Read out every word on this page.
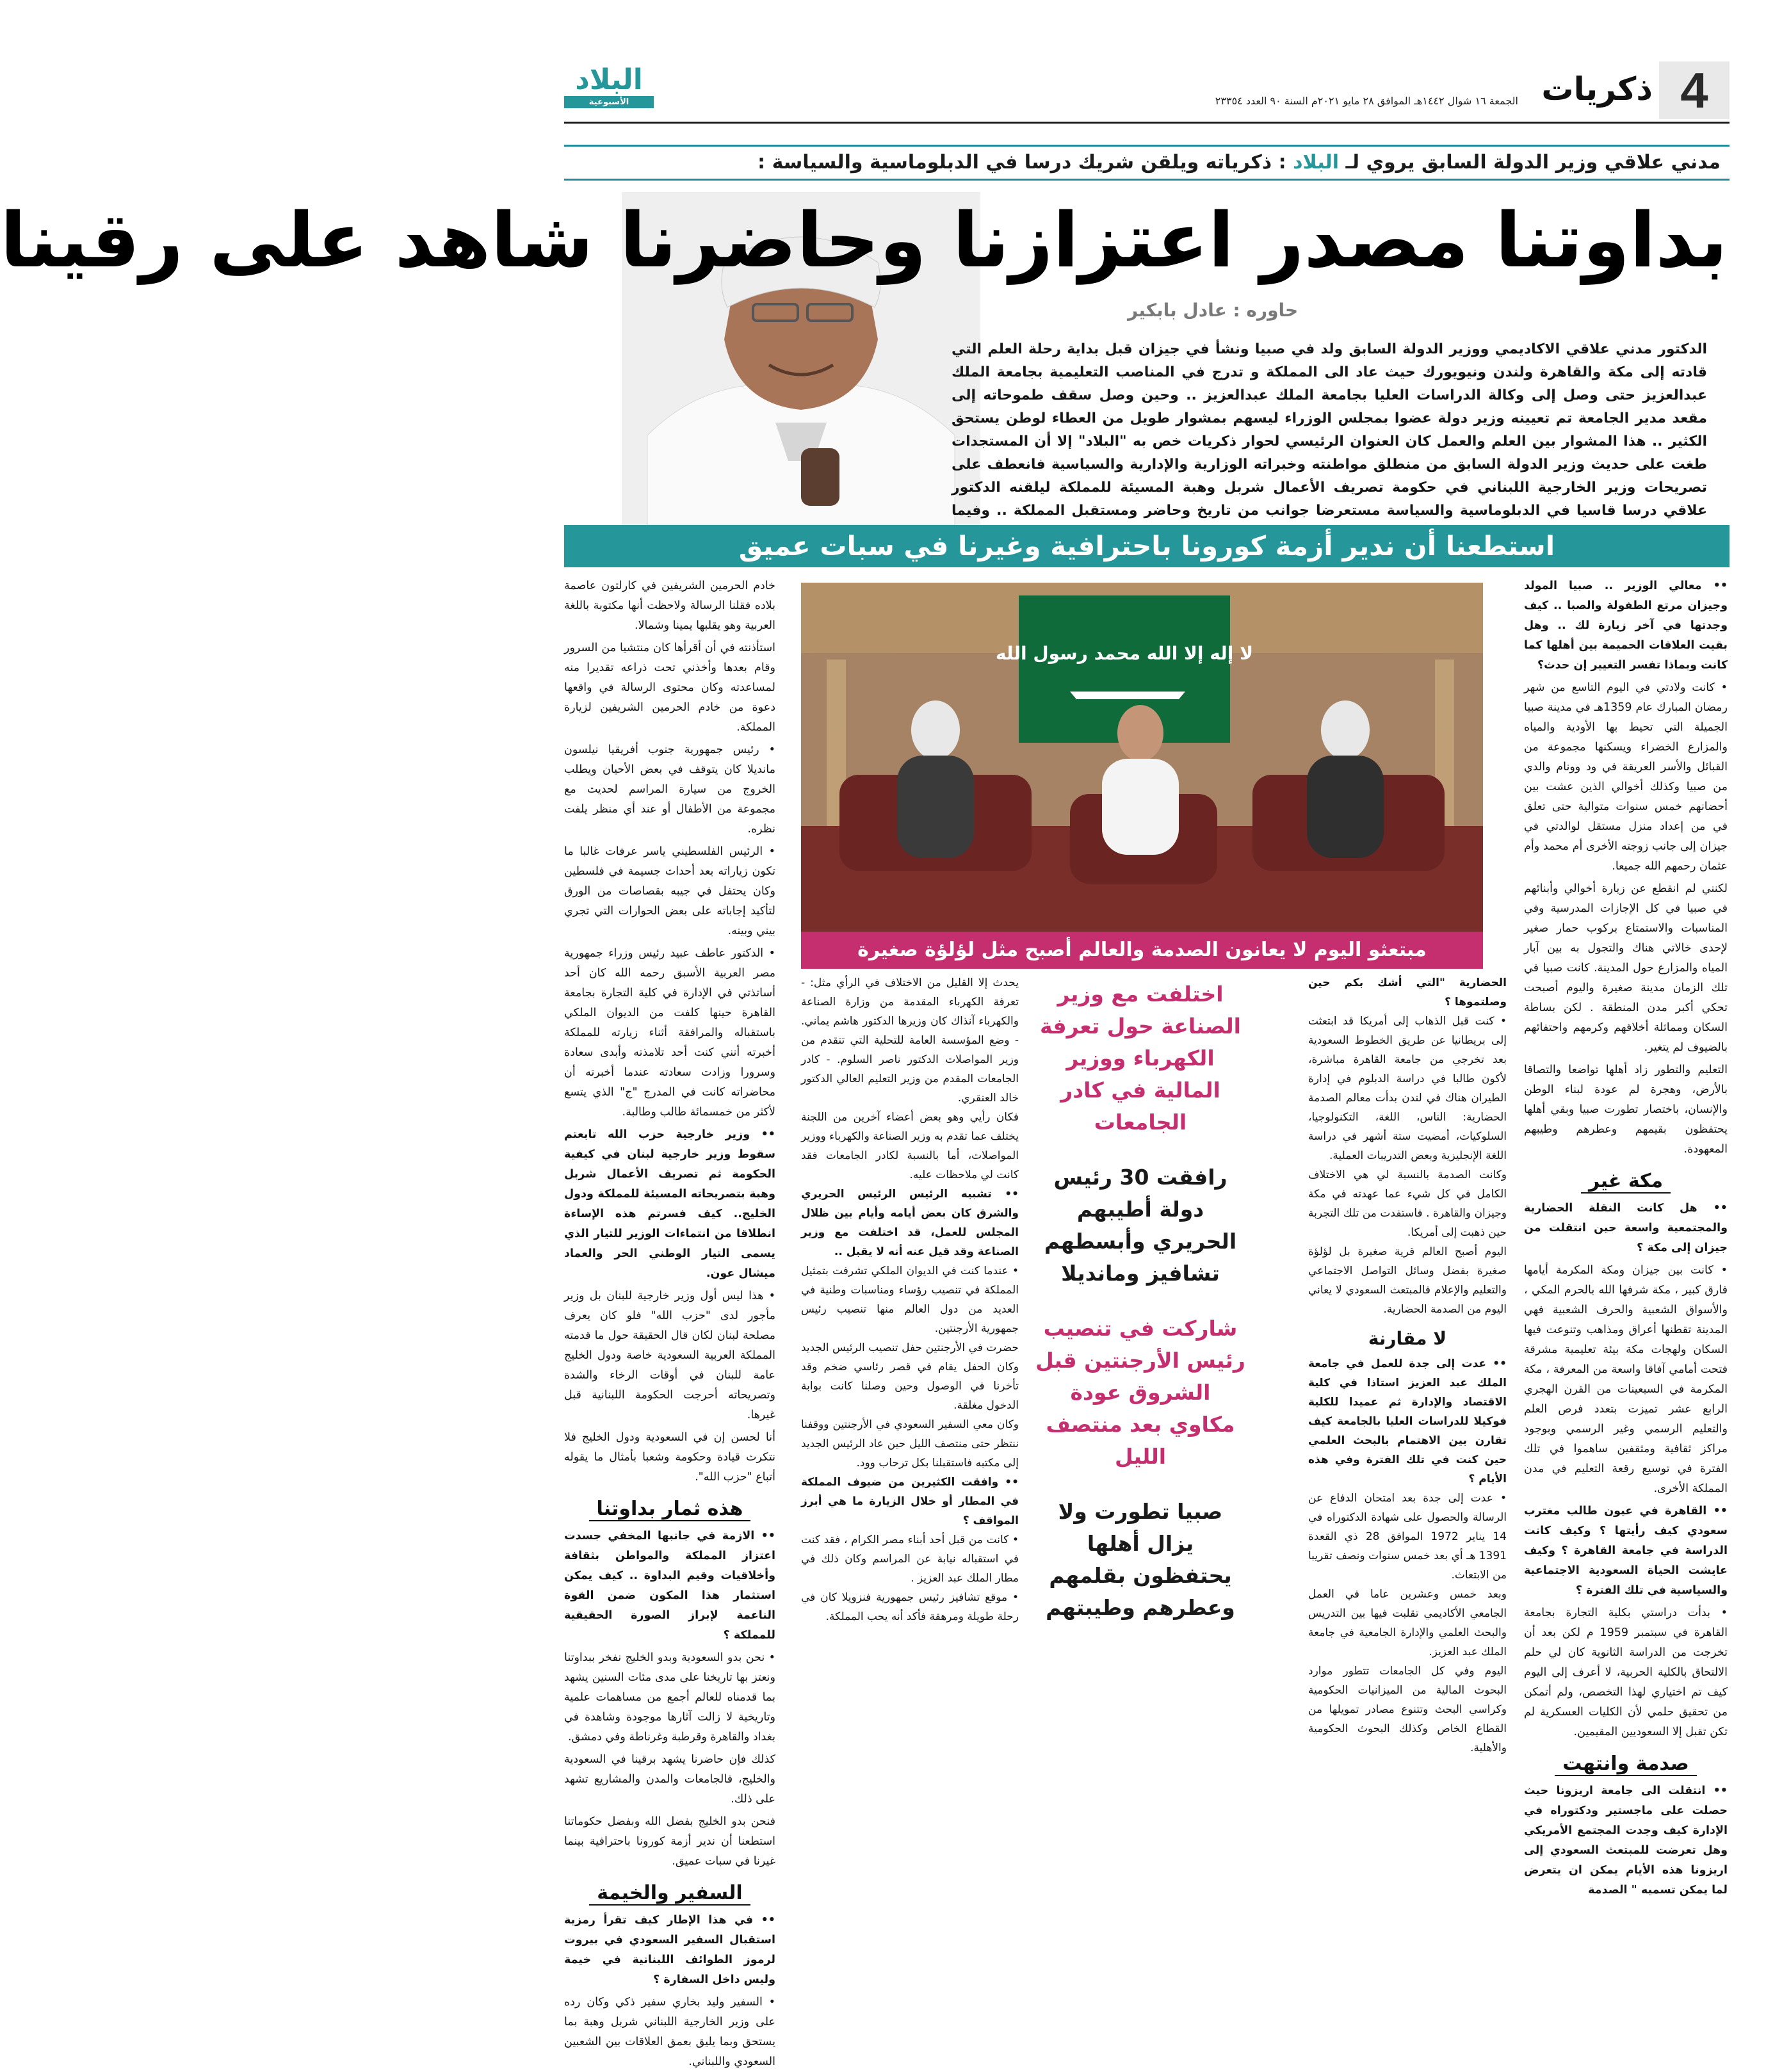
4
ذكريات
الجمعة ١٦ شوال ١٤٤٢هـ الموافق ٢٨ مايو ٢٠٢١م السنة ٩٠ العدد ٢٣٣٥٤
البلاد
الأسبوعية
مدني علاقي وزير الدولة السابق يروي لـ البلاد : ذكرياته ويلقن شريك درسا في الدبلوماسية والسياسة :
بداوتنا مصدر اعتزازنا وحاضرنا شاهد على رقينا
حاوره : عادل بابكير
الدكتور مدني علاقي الاكاديمي ووزير الدولة السابق ولد في صبيا ونشأ في جيزان قبل بداية رحلة العلم التي قادته إلى مكة والقاهرة ولندن ونيويورك حيث عاد الى المملكة و تدرج في المناصب التعليمية بجامعة الملك عبدالعزيز حتى وصل إلى وكالة الدراسات العليا بجامعة الملك عبدالعزيز .. وحين وصل سقف طموحاته إلى مقعد مدير الجامعة تم تعيينه وزير دولة عضوا بمجلس الوزراء ليسهم بمشوار طويل من العطاء لوطن يستحق الكثير .. هذا المشوار بين العلم والعمل كان العنوان الرئيسي لحوار ذكريات خص به "البلاد" إلا أن المستجدات طغت على حديث وزير الدولة السابق من منطلق مواطنته وخبراته الوزارية والإدارية والسياسية فانعطف على تصريحات وزير الخارجية اللبناني في حكومة تصريف الأعمال شربل وهبة المسيئة للمملكة ليلقنه الدكتور علاقي درسا قاسيا في الدبلوماسية والسياسة مستعرضا جوانب من تاريخ وحاضر ومستقبل المملكة .. وفيما
استطعنا أن ندير أزمة كورونا باحترافية وغيرنا في سبات عميق

•• معالي الوزير .. صبيا المولد وجيزان مرتع الطفولة والصبا .. كيف وجدتها في آخر زيارة لك .. وهل بقيت العلاقات الحميمة بين أهلها كما كانت وبماذا تفسر التغيير إن حدث؟

• كانت ولادتي في اليوم التاسع من شهر رمضان المبارك عام 1359هـ في مدينة صبيا الجميلة التي تحيط بها الأودية والمياه والمزارع الخضراء ويسكنها مجموعة من القبائل والأسر العريقة في ود وونام والدي من صبيا وكذلك أخوالي الذين عشت بين أحضانهم خمس سنوات متوالية حتى تعلق في من إعداد منزل مستقل لوالدتي في جيزان إلى جانب زوجته الأخرى أم محمد وأم عثمان رحمهم الله جميعا.

لكنني لم انقطع عن زيارة أخوالي وأبنائهم في صبيا في كل الإجازات المدرسية وفي المناسبات والاستمتاع بركوب حمار صغير لإحدى خالاتي هناك والتجول به بين آبار المياه والمزارع حول المدينة. كانت صبيا في تلك الزمان مدينة صغيرة واليوم أصبحت تحكي أكبر مدن المنطقة . لكن بساطة السكان ومماثلة أخلاقهم وكرمهم واحتفائهم بالضيوف لم يتغير.

التعليم والتطور زاد أهلها تواضعا والتصاقا بالأرض، وهجرة لم عودة لبناء الوطن والإنسان، باختصار تطورت صبيا وبقي أهلها يحتفظون بقيمهم وعطرهم وطيبهم المعهودة.

مكة غير

•• هل كانت النقلة الحضارية والمجتمعية واسعة حين انتقلت من جيزان إلى مكة ؟

• كانت بين جيزان ومكة المكرمة أيامها فارق كبير ، مكة شرفها الله بالحرم المكي ، والأسواق الشعبية والحرف الشعبية فهي المدينة تقطنها أعراق ومذاهب وتنوعت فيها السكان ولهجات مكة بيئة تعليمية مشرقة فتحت أمامي آفاقا واسعة من المعرفة ، مكة المكرمة في السبعينات من القرن الهجري الرابع عشر تميزت بتعدد فرص العلم والتعليم الرسمي وغير الرسمي وبوجود مراكز ثقافية ومثقفين ساهموا في تلك الفترة في توسيع رقعة التعليم في مدن المملكة الأخرى.

•• القاهرة في عيون طالب مغترب سعودي كيف رأيتها ؟ وكيف كانت الدراسة في جامعة القاهرة ؟ وكيف عايشت الحياة السعودية الاجتماعية والسياسية في تلك الفترة ؟

• بدأت دراستي بكلية التجارة بجامعة القاهرة في سبتمبر 1959 م لكن بعد أن تخرجت من الدراسة الثانوية كان لي حلم الالتحاق بالكلية الحربية، لا أعرف إلى اليوم كيف تم اختياري لهذا التخصص، ولم أتمكن من تحقيق حلمي لأن الكليات العسكرية لم تكن تقبل إلا السعوديين المقيمين.

صدمة وانتهت

•• انتقلت الى جامعة اريزونا حيث حصلت على ماجستير ودكتوراه في الإدارة كيف وجدت المجتمع الأمريكي وهل تعرضت للمبتعث السعودي إلى اريزونا هذه الأيام يمكن ان يتعرض لما يمكن تسميه " الصدمة

خادم الحرمين الشريفين في كارلتون عاصمة بلاده فقلنا الرسالة ولاحظت أنها مكتوبة باللغة العربية وهو يقلبها يمينا وشمالا.

استأذنته في أن أقرأها كان منتشيا من السرور وقام بعدها وأخذني تحت ذراعه تقديرا منه لمساعدته وكان محتوى الرسالة في واقعها دعوة من خادم الحرمين الشريفين لزيارة المملكة.

• رئيس جمهورية جنوب أفريقيا نيلسون مانديلا كان يتوقف في بعض الأحيان ويطلب الخروج من سيارة المراسم لحديث مع مجموعة من الأطفال أو عند أي منظر يلفت نظره.

• الرئيس الفلسطيني ياسر عرفات غالبا ما تكون زياراته بعد أحداث جسيمة في فلسطين وكان يحتفل في جيبه بقصاصات من الورق لتأكيد إجاباته على بعض الحوارات التي تجري بيني وبينه.

• الدكتور عاطف عبيد رئيس وزراء جمهورية مصر العربية الأسبق رحمه الله كان أحد أساتذتي في الإدارة في كلية التجارة بجامعة القاهرة حينها كلفت من الديوان الملكي باستقباله والمرافقة أثناء زيارته للمملكة أخبرته أنني كنت أحد تلامذته وأبدى سعادة وسرورا وزادت سعادته عندما أخبرته أن محاضراته كانت في المدرج "ج" الذي يتسع لأكثر من خمسمائة طالب وطالبة.

•• وزير خارجية حزب الله تابعتم سقوط وزير خارجية لبنان في كيفية الحكومة ثم تصريف الأعمال شربل وهبة بتصريحاته المسيئة للمملكة ودول الخليج.. كيف فسرتم هذه الإساءة انطلاقا من انتماءات الوزير للتيار الذي يسمى التيار الوطني الحر والعماد ميشال عون.

• هذا ليس أول وزير خارجية للبنان بل وزير مأجور لدى "حزب الله" فلو كان يعرف مصلحة لبنان لكان قال الحقيقة حول ما قدمته المملكة العربية السعودية خاصة ودول الخليج عامة للبنان في أوقات الرخاء والشدة وتصريحاته أحرجت الحكومة اللبنانية قبل غيرها.

أنا لحسن إن في السعودية ودول الخليج فلا نتكرث قيادة وحكومة وشعبا بأمثال ما يقوله أتباع "حزب الله".

هذه ثمار بداوتنا

•• الازمة في جانبها المخفي جسدت اعتزاز المملكة والمواطن بثقافة وأخلاقيات وقيم البداوة .. كيف يمكن استثمار هذا المكون ضمن القوة الناعمة لإبراز الصورة الحقيقية للمملكة ؟

• نحن بدو السعودية وبدو الخليج نفخر ببداوتنا ونعتز بها تاريخنا على مدى مئات السنين يشهد بما قدمناه للعالم أجمع من مساهمات علمية وتاريخية لا زالت آثارها موجودة وشاهدة في بغداد والقاهرة وقرطبة وغرناطة وفي دمشق.

كذلك فإن حاضرنا يشهد برقينا في السعودية والخليج، فالجامعات والمدن والمشاريع تشهد على ذلك.

فنحن بدو الخليج بفضل الله وبفضل حكوماتنا استطعنا أن ندير أزمة كورونا باحترافية بينما غيرنا في سبات عميق.

السفير والخيمة

•• في هذا الإطار كيف تقرأ رمزية استقبال السفير السعودي في بيروت لرموز الطوائف اللبنانية في خيمة وليس داخل السفارة ؟

• السفير وليد بخاري سفير ذكي وكان رده على وزير الخارجية اللبناني شربل وهبة بما يستحق وبما يليق بعمق العلاقات بين الشعبين السعودي واللبناني.

لا إله إلا الله محمد رسول الله
مبتعثو اليوم لا يعانون الصدمة والعالم أصبح مثل لؤلؤة صغيرة

الحضارية "التي أشك بكم حين وصلتموها ؟

• كنت قبل الذهاب إلى أمريكا قد ابتعثت إلى بريطانيا عن طريق الخطوط السعودية بعد تخرجي من جامعة القاهرة مباشرة، لأكون طالبا في دراسة الدبلوم في إدارة الطيران هناك في لندن بدأت معالم الصدمة الحضارية: الناس، اللغة، التكنولوجيا، السلوكيات، أمضيت ستة أشهر في دراسة اللغة الإنجليزية وبعض التدريبات العملية.

وكانت الصدمة بالنسبة لي هي الاختلاف الكامل في كل شيء عما عهدته في مكة وجيزان والقاهرة . فاستفدت من تلك التجربة حين ذهبت إلى أمريكا.

اليوم أصبح العالم قرية صغيرة بل لؤلؤة صغيرة بفضل وسائل التواصل الاجتماعي والتعليم والإعلام فالمبتعث السعودي لا يعاني اليوم من الصدمة الحضارية.

لا مقارنة

•• عدت إلى جدة للعمل في جامعة الملك عبد العزيز استاذا في كلية الاقتصاد والإدارة ثم عميدا للكلية فوكيلا للدراسات العليا بالجامعة كيف تقارن بين الاهتمام بالبحث العلمي حين كنت في تلك الفترة وفي هذه الأيام ؟

• عدت إلى جدة بعد امتحان الدفاع عن الرسالة والحصول على شهادة الدكتوراه في 14 يناير 1972 الموافق 28 ذي القعدة 1391 هـ أي بعد خمس سنوات ونصف تقريبا من الابتعاث.

وبعد خمس وعشرين عاما في العمل الجامعي الأكاديمي تقلبت فيها بين التدريس والبحث العلمي والإدارة الجامعية في جامعة الملك عبد العزيز.

اليوم وفي كل الجامعات تتطور موارد البحوث المالية من الميزانيات الحكومية وكراسي البحث وتتنوع مصادر تمويلها من القطاع الخاص وكذلك البحوث الحكومية والأهلية.

يحدث إلا القليل من الاختلاف في الرأي مثل: - تعرفة الكهرباء المقدمة من وزارة الصناعة والكهرباء آنذاك كان وزيرها الدكتور هاشم يماني. - وضع المؤسسة العامة للتحلية التي تتقدم من وزير المواصلات الدكتور ناصر السلوم. - كادر الجامعات المقدم من وزير التعليم العالي الدكتور خالد العنقري.

فكان رأيي وهو بعض أعضاء آخرين من اللجنة يختلف عما تقدم به وزير الصناعة والكهرباء ووزير المواصلات، أما بالنسبة لكادر الجامعات فقد كانت لي ملاحظات عليه.

•• تشبيه الرئيس الرئيس الحريري والشرق كان بعض أيامه وأيام بين ظلال المجلس للعمل، قد اختلفت مع وزير الصناعة وقد قيل عنه أنه لا يقبل ..

• عندما كنت في الديوان الملكي تشرفت بتمثيل المملكة في تنصيب رؤساء ومناسبات وطنية في العديد من دول العالم منها تنصيب رئيس جمهورية الأرجنتين.

حضرت في الأرجنتين حفل تنصيب الرئيس الجديد وكان الحفل يقام في قصر رئاسي ضخم وقد تأخرنا في الوصول وحين وصلنا كانت بوابة الدخول مغلقة.

وكان معي السفير السعودي في الأرجنتين ووقفنا ننتظر حتى منتصف الليل حين عاد الرئيس الجديد إلى مكتبه فاستقبلنا بكل ترحاب وود.

•• وافقت الكثيرين من ضيوف المملكة في المطار أو خلال الزيارة ما هي أبرز المواقف ؟

• كانت من قبل أحد أبناء مصر الكرام ، فقد كنت في استقباله نيابة عن المراسم وكان ذلك في مطار الملك عبد العزيز .

• موقع تشافيز رئيس جمهورية فنزويلا كان في رحلة طويلة ومرهقة فأكد أنه يحب المملكة.

اختلفت مع وزير الصناعة حول تعرفة الكهرباء ووزير المالية في كادر الجامعات
رافقت 30 رئيس دولة أطيبهم الحريري وأبسطهم تشافيز ومانديلا
شاركت في تنصيب رئيس الأرجنتين قبل الشروق عودة مكاوي بعد منتصف الليل
صبيا تطورت ولا يزال أهلها يحتفظون بقلمهم وعطرهم وطيبتهم
